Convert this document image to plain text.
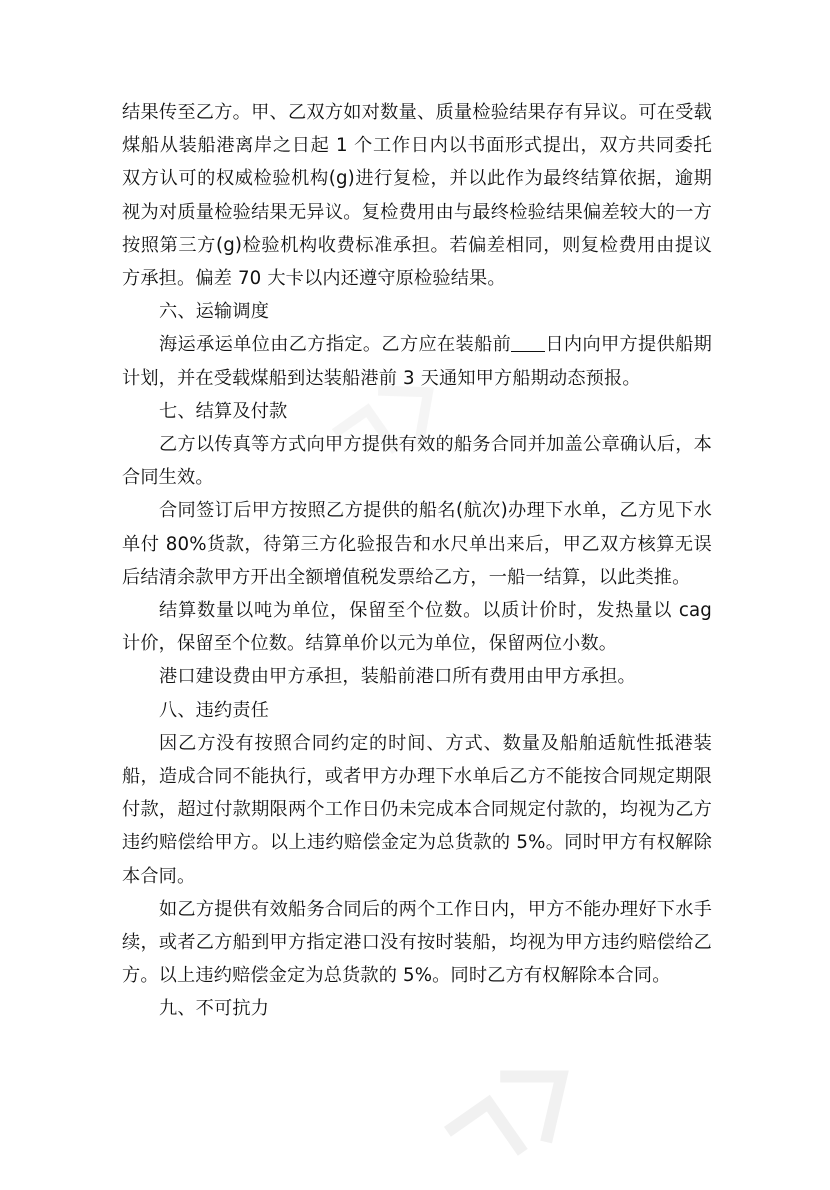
结果传至乙方。甲、乙双方如对数量、质量检验结果存有异议。可在受载煤船从装船港离岸之日起 1 个工作日内以书面形式提出，双方共同委托双方认可的权威检验机构(g)进行复检，并以此作为最终结算依据，逾期视为对质量检验结果无异议。复检费用由与最终检验结果偏差较大的一方按照第三方(g)检验机构收费标准承担。若偏差相同，则复检费用由提议方承担。偏差 70 大卡以内还遵守原检验结果。

六、运输调度

海运承运单位由乙方指定。乙方应在装船前 日内向甲方提供船期计划，并在受载煤船到达装船港前 3 天通知甲方船期动态预报。

七、结算及付款

乙方以传真等方式向甲方提供有效的船务合同并加盖公章确认后，本合同生效。

合同签订后甲方按照乙方提供的船名(航次)办理下水单，乙方见下水单付 80%货款，待第三方化验报告和水尺单出来后，甲乙双方核算无误后结清余款甲方开出全额增值税发票给乙方，一船一结算，以此类推。

结算数量以吨为单位，保留至个位数。以质计价时，发热量以 cag 计价，保留至个位数。结算单价以元为单位，保留两位小数。

港口建设费由甲方承担，装船前港口所有费用由甲方承担。

八、违约责任

因乙方没有按照合同约定的时间、方式、数量及船舶适航性抵港装船，造成合同不能执行，或者甲方办理下水单后乙方不能按合同规定期限付款，超过付款期限两个工作日仍未完成本合同规定付款的，均视为乙方违约赔偿给甲方。以上违约赔偿金定为总货款的 5%。同时甲方有权解除本合同。

如乙方提供有效船务合同后的两个工作日内，甲方不能办理好下水手续，或者乙方船到甲方指定港口没有按时装船，均视为甲方违约赔偿给乙方。以上违约赔偿金定为总货款的 5%。同时乙方有权解除本合同。

九、不可抗力
